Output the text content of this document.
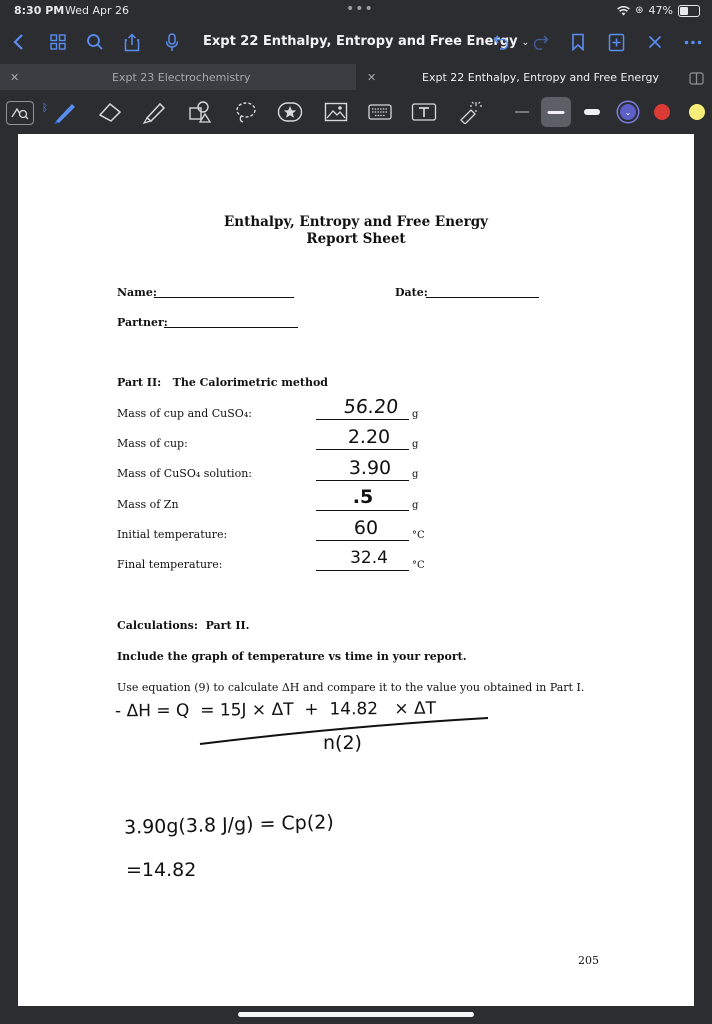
8:30 PM Wed Apr 26	•••	⊛ 47%
Expt 22 Enthalpy, Entropy and Free Energy ⌄
✕	Expt 23 Electrochemistry	✕	Expt 22 Enthalpy, Entropy and Free Energy
ᛒ	⌄
Enthalpy, Entropy and Free Energy
Report Sheet
Name:	Date:
Partner:
Part II:   The Calorimetric method
Mass of cup and CuSO₄:	56.20	g
Mass of cup:	2.20	g
Mass of CuSO₄ solution:	3.90	g
Mass of Zn	.5	g
Initial temperature:	60	°C
Final temperature:	32.4	°C
Calculations:  Part II.
Include the graph of temperature vs time in your report.
Use equation (9) to calculate ΔH and compare it to the value you obtained in Part I.
- ΔH = Q  = 15J × ΔT  +  14.82   × ΔT
n(2)
3.90g(3.8 J/g) = Cp(2)
=14.82
205
